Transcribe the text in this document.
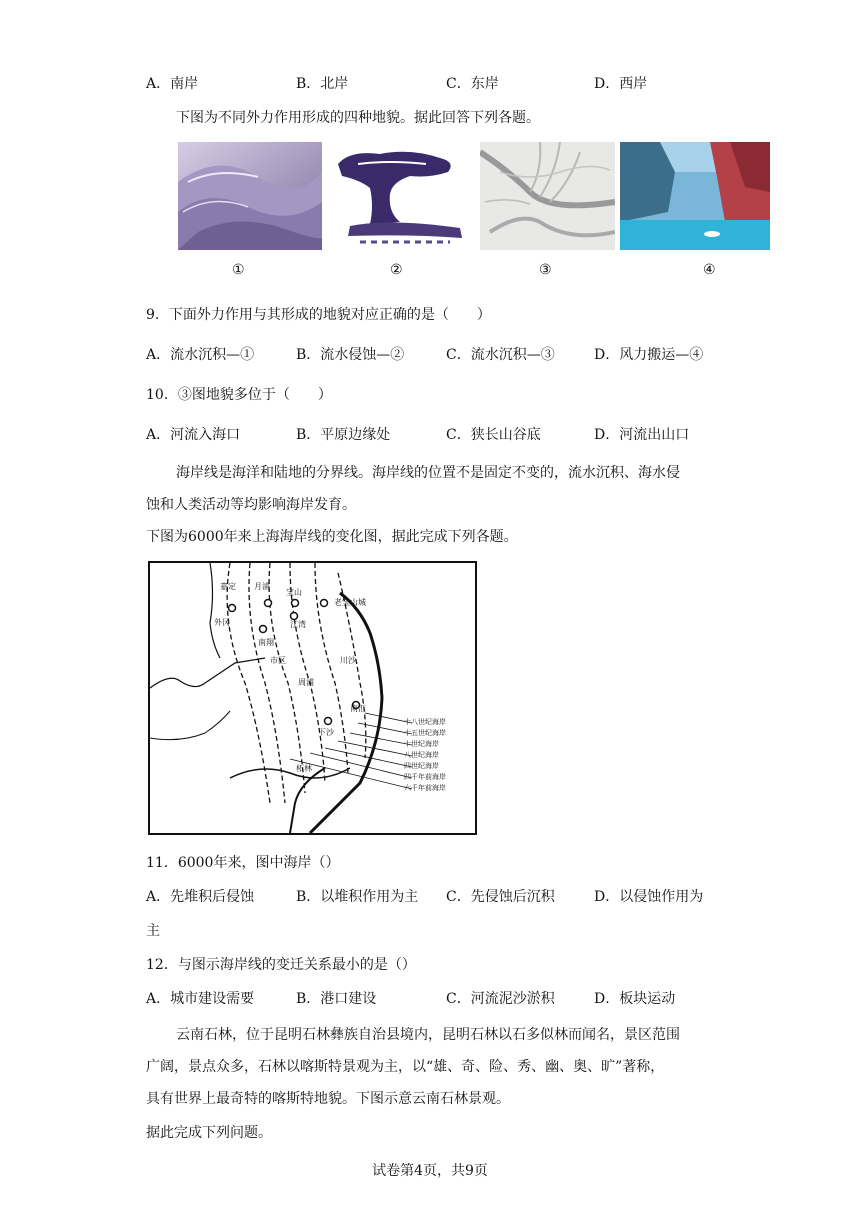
A．南岸	B．北岸	C．东岸	D．西岸
下图为不同外力作用形成的四种地貌。据此回答下列各题。
①	②	③	④
9．下面外力作用与其形成的地貌对应正确的是（　　）
A．流水沉积—①	B．流水侵蚀—②	C．流水沉积—③	D．风力搬运—④
10．③图地貌多位于（　　）
A．河流入海口	B．平原边缘处	C．狭长山谷底	D．河流出山口
海岸线是海洋和陆地的分界线。海岸线的位置不是固定不变的，流水沉积、海水侵
蚀和人类活动等均影响海岸发育。
下图为6000年来上海海岸线的变化图，据此完成下列各题。
嘉定 月浦
宝山
老宝山城
外冈
南翔
江湾
市区	川沙
周浦
南汇
下沙
柘林
十八世纪海岸
十五世纪海岸
十世纪海岸
八世纪海岸
四世纪海岸
四千年前海岸
六千年前海岸
11．6000年来，图中海岸（）
A．先堆积后侵蚀	B．以堆积作用为主 C．先侵蚀后沉积	D．以侵蚀作用为
主
12．与图示海岸线的变迁关系最小的是（）
A．城市建设需要	B．港口建设	C．河流泥沙淤积	D．板块运动
云南石林，位于昆明石林彝族自治县境内，昆明石林以石多似林而闻名，景区范围
广阔，景点众多，石林以喀斯特景观为主，以“雄、奇、险、秀、幽、奥、旷”著称，
具有世界上最奇特的喀斯特地貌。下图示意云南石林景观。
据此完成下列问题。
试卷第4页，共9页
